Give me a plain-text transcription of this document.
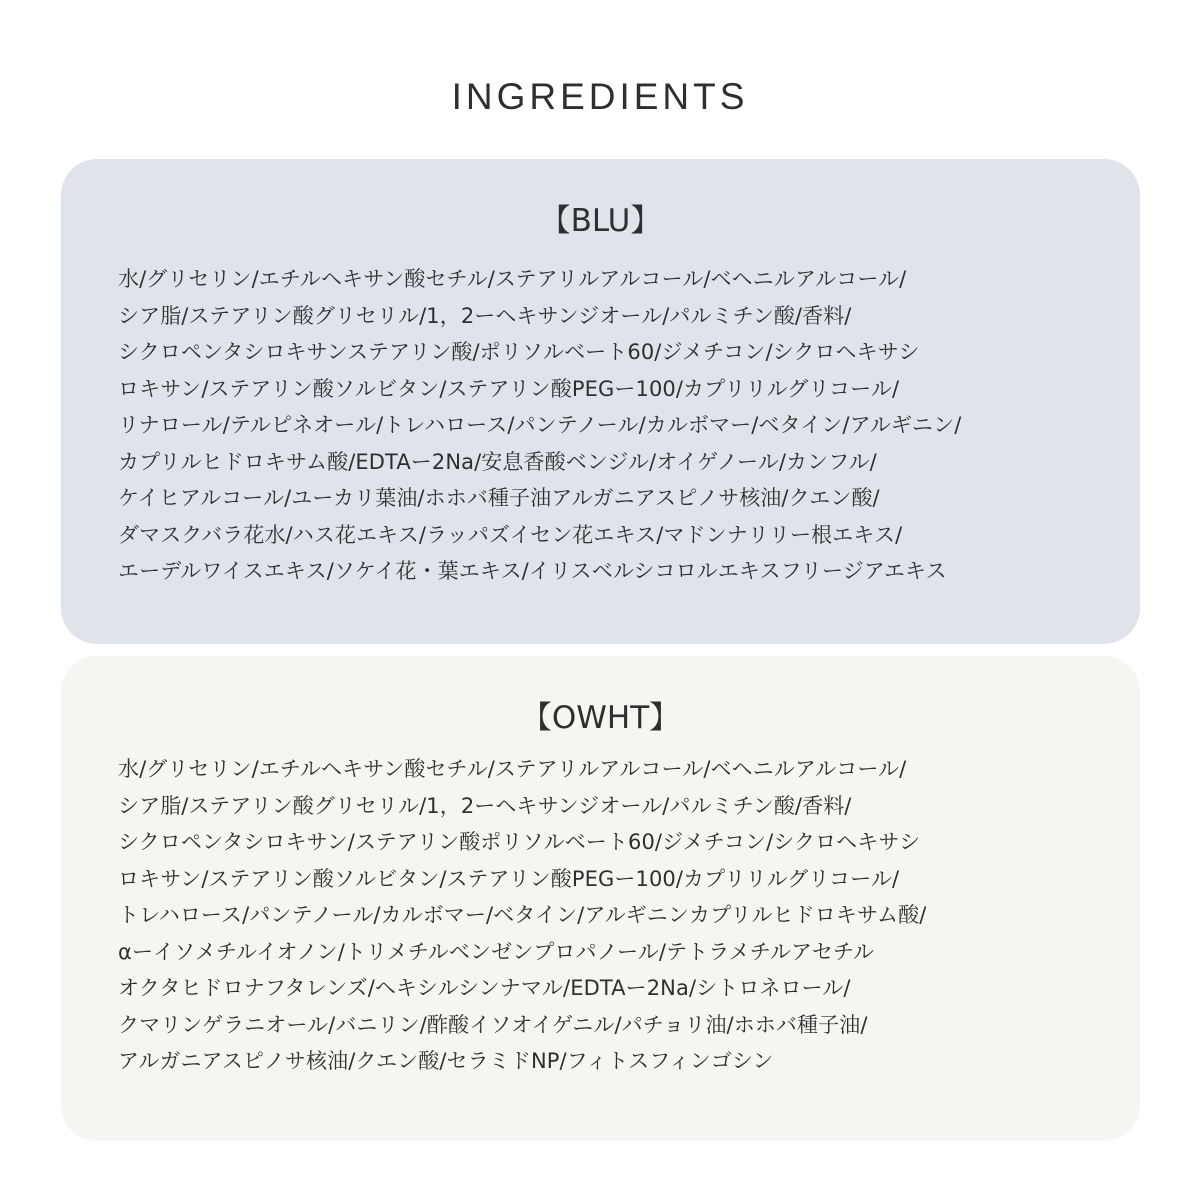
INGREDIENTS
【BLU】
水/グリセリン/エチルヘキサン酸セチル/ステアリルアルコール/ベヘニルアルコール/
シア脂/ステアリン酸グリセリル/1，2ーヘキサンジオール/パルミチン酸/香料/
シクロペンタシロキサンステアリン酸/ポリソルベート60/ジメチコン/シクロヘキサシ
ロキサン/ステアリン酸ソルビタン/ステアリン酸PEGー100/カプリリルグリコール/
リナロール/テルピネオール/トレハロース/パンテノール/カルボマー/ベタイン/アルギニン/
カプリルヒドロキサム酸/EDTAー2Na/安息香酸ベンジル/オイゲノール/カンフル/
ケイヒアルコール/ユーカリ葉油/ホホバ種子油アルガニアスピノサ核油/クエン酸/
ダマスクバラ花水/ハス花エキス/ラッパズイセン花エキス/マドンナリリー根エキス/
エーデルワイスエキス/ソケイ花・葉エキス/イリスベルシコロルエキスフリージアエキス
【OWHT】
水/グリセリン/エチルヘキサン酸セチル/ステアリルアルコール/ベヘニルアルコール/
シア脂/ステアリン酸グリセリル/1，2ーヘキサンジオール/パルミチン酸/香料/
シクロペンタシロキサン/ステアリン酸ポリソルベート60/ジメチコン/シクロヘキサシ
ロキサン/ステアリン酸ソルビタン/ステアリン酸PEGー100/カプリリルグリコール/
トレハロース/パンテノール/カルボマー/ベタイン/アルギニンカプリルヒドロキサム酸/
αーイソメチルイオノン/トリメチルベンゼンプロパノール/テトラメチルアセチル
オクタヒドロナフタレンズ/ヘキシルシンナマル/EDTAー2Na/シトロネロール/
クマリンゲラニオール/バニリン/酢酸イソオイゲニル/パチョリ油/ホホバ種子油/
アルガニアスピノサ核油/クエン酸/セラミドNP/フィトスフィンゴシン
